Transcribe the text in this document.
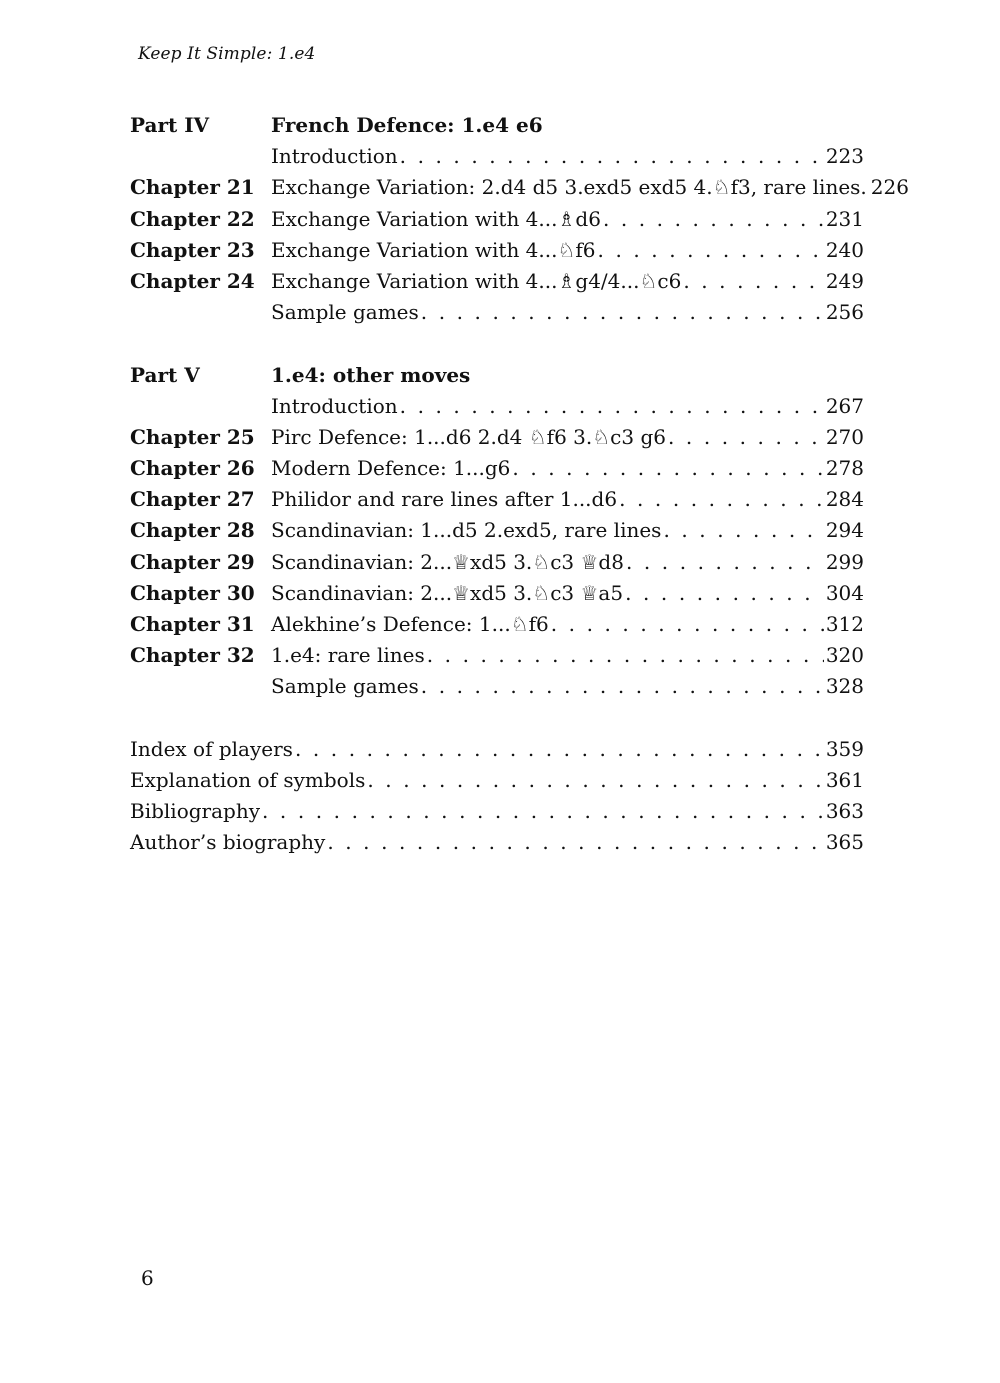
Keep It Simple: 1.e4
Part IV	French Defence: 1.e4 e6
Introduction . . .	223
Chapter 21 Exchange Variation: 2.d4 d5 3.exd5 exd5 4.♘f3, rare lines. 226
Chapter 22 Exchange Variation with 4...♗d6 . . .	231
Chapter 23 Exchange Variation with 4...♘f6 . . .	240
Chapter 24 Exchange Variation with 4...♗g4/4...♘c6 . . .	249
Sample games . . .	256
Part V	1.e4: other moves
Introduction . . .	267
Chapter 25 Pirc Defence: 1...d6 2.d4 ♘f6 3.♘c3 g6 . . .	270
Chapter 26 Modern Defence: 1...g6 . . .	278
Chapter 27 Philidor and rare lines after 1...d6 . . .	284
Chapter 28 Scandinavian: 1...d5 2.exd5, rare lines . . .	294
Chapter 29 Scandinavian: 2...♕xd5 3.♘c3 ♕d8 . . .	299
Chapter 30 Scandinavian: 2...♕xd5 3.♘c3 ♕a5 . . .	304
Chapter 31 Alekhine’s Defence: 1...♘f6 . . .	312
Chapter 32 1.e4: rare lines . . .	320
Sample games . . .	328
Index of players . . .	359
Explanation of symbols . . .	361
Bibliography . . .	363
Author’s biography . . .	365
6
